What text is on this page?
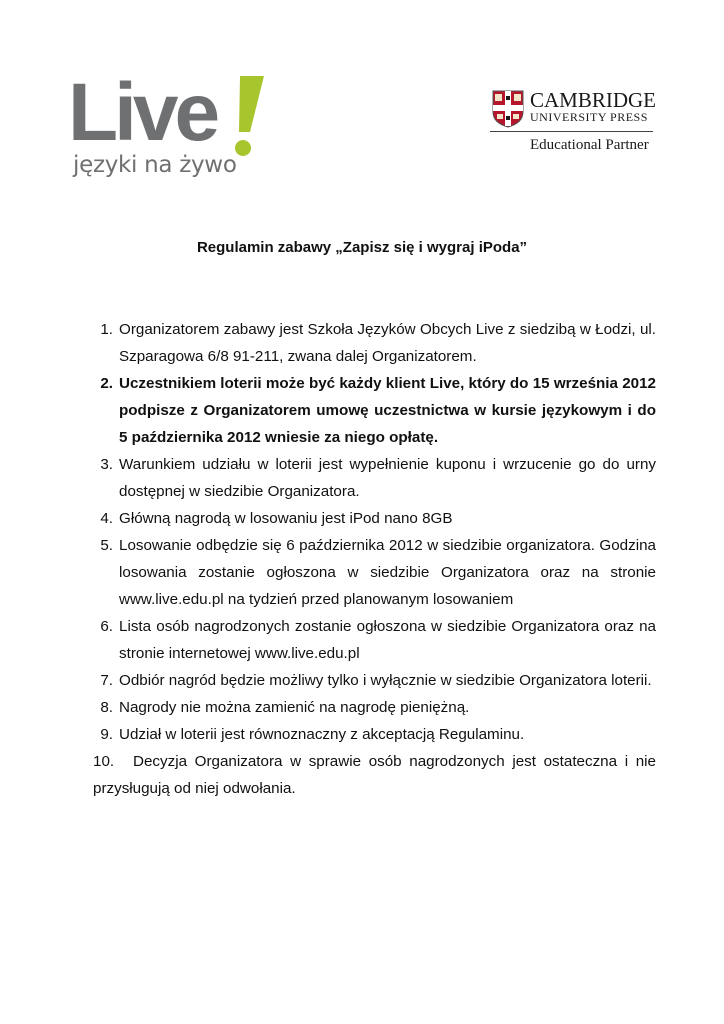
Live
języki na żywo
CAMBRIDGE
UNIVERSITY PRESS
Educational Partner
Regulamin zabawy „Zapisz się i wygraj iPoda”
1. Organizatorem zabawy jest Szkoła Języków Obcych Live z siedzibą w Łodzi, ul. Szparagowa 6/8 91-211, zwana dalej Organizatorem.
2. Uczestnikiem loterii może być każdy klient Live, który do 15 września 2012 podpisze z Organizatorem umowę uczestnictwa w kursie językowym i do 5 października 2012 wniesie za niego opłatę.
3. Warunkiem udziału w loterii jest wypełnienie kuponu i wrzucenie go do urny dostępnej w siedzibie Organizatora.
4. Główną nagrodą w losowaniu jest iPod nano 8GB
5. Losowanie odbędzie się 6 października 2012 w siedzibie organizatora. Godzina losowania zostanie ogłoszona w siedzibie Organizatora oraz na stronie www.live.edu.pl na tydzień przed planowanym losowaniem
6. Lista osób nagrodzonych zostanie ogłoszona w siedzibie Organizatora oraz na stronie internetowej www.live.edu.pl
7. Odbiór nagród będzie możliwy tylko i wyłącznie w siedzibie Organizatora loterii.
8. Nagrody nie można zamienić na nagrodę pieniężną.
9. Udział w loterii jest równoznaczny z akceptacją Regulaminu.
10. Decyzja Organizatora w sprawie osób nagrodzonych jest ostateczna i nie przysługują od niej odwołania.
